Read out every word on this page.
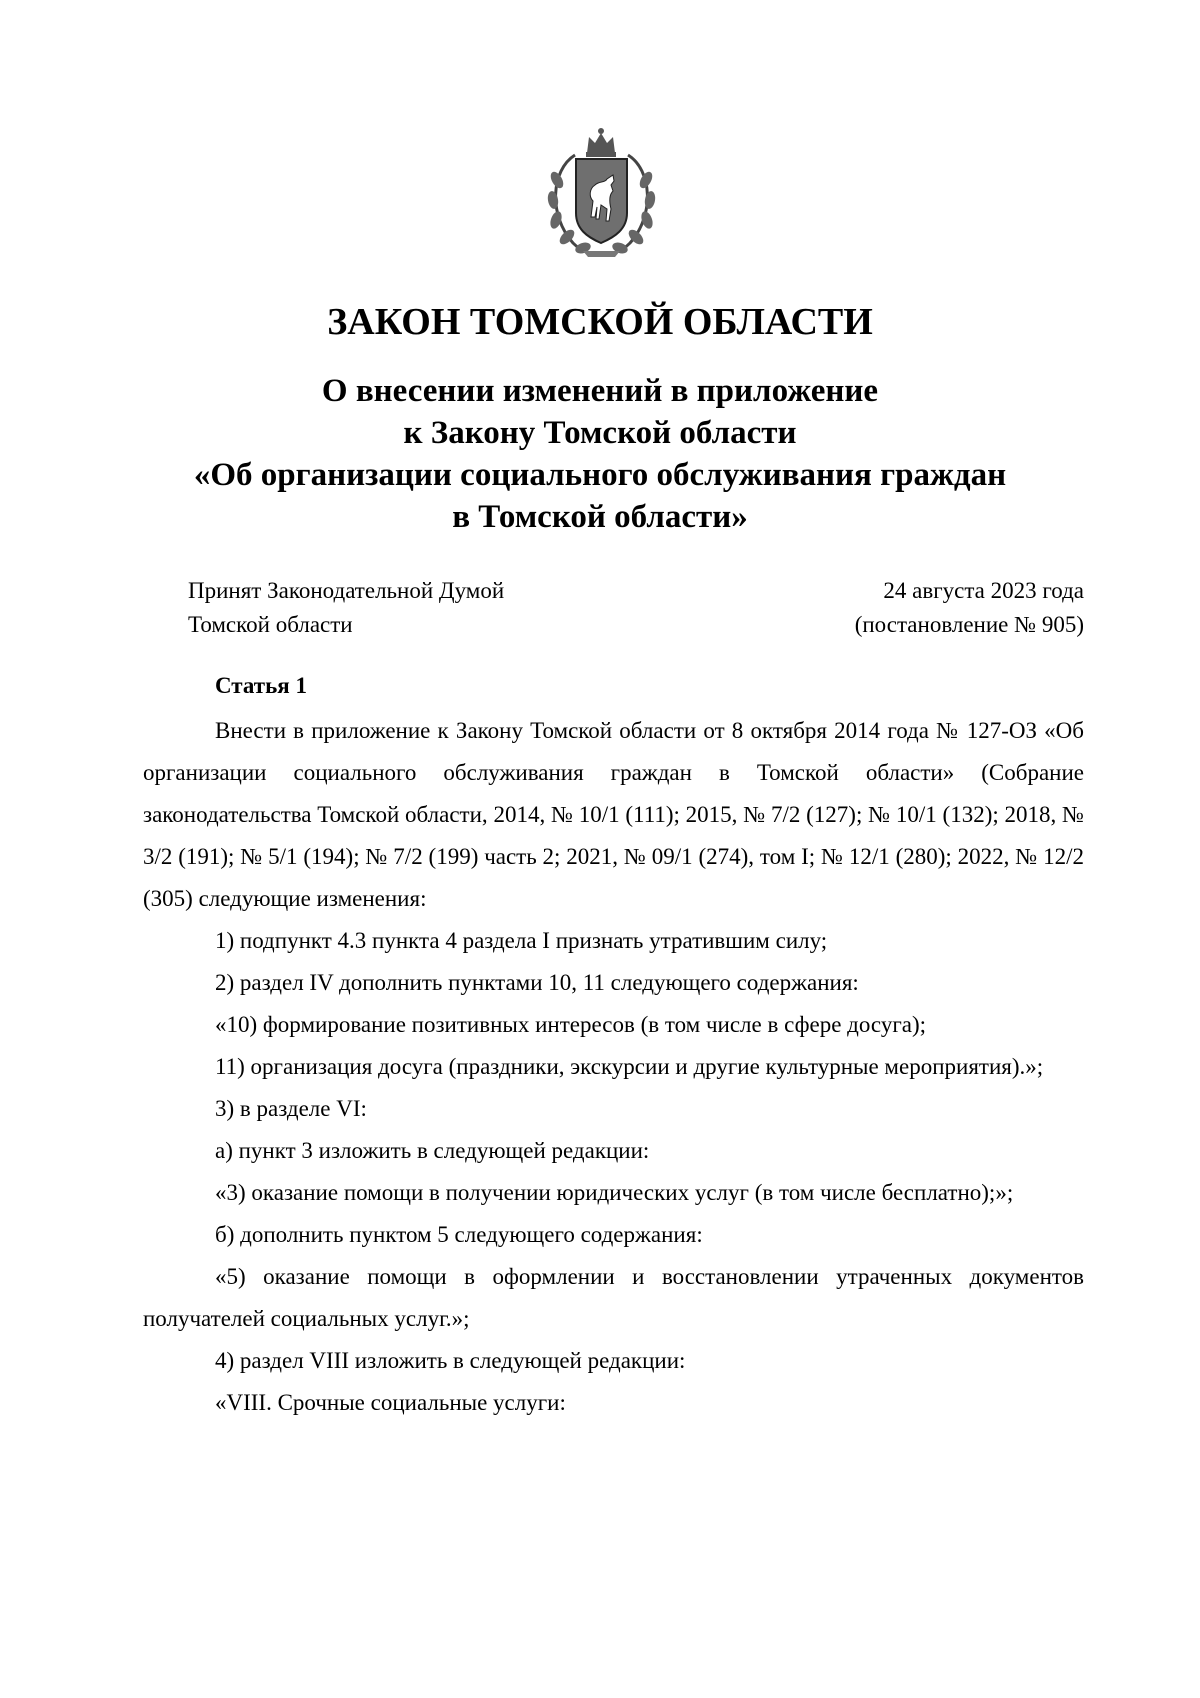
ЗАКОН ТОМСКОЙ ОБЛАСТИ
О внесении изменений в приложение
к Закону Томской области
«Об организации социального обслуживания граждан
в Томской области»
Принят Законодательной Думой
Томской области
24 августа 2023 года
(постановление № 905)
Статья 1

Внести в приложение к Закону Томской области от 8 октября 2014 года № 127-ОЗ «Об организации социального обслуживания граждан в Томской области» (Собрание законодательства Томской области, 2014, № 10/1 (111); 2015, № 7/2 (127); № 10/1 (132); 2018, № 3/2 (191); № 5/1 (194); № 7/2 (199) часть 2; 2021, № 09/1 (274), том I; № 12/1 (280); 2022, № 12/2 (305) следующие изменения:

1) подпункт 4.3 пункта 4 раздела I признать утратившим силу;

2) раздел IV дополнить пунктами 10, 11 следующего содержания:

«10) формирование позитивных интересов (в том числе в сфере досуга);

11) организация досуга (праздники, экскурсии и другие культурные мероприятия).»;

3) в разделе VI:

а) пункт 3 изложить в следующей редакции:

«3) оказание помощи в получении юридических услуг (в том числе бесплатно);»;

б) дополнить пунктом 5 следующего содержания:

«5) оказание помощи в оформлении и восстановлении утраченных документов получателей социальных услуг.»;

4) раздел VIII изложить в следующей редакции:

«VIII. Срочные социальные услуги:
